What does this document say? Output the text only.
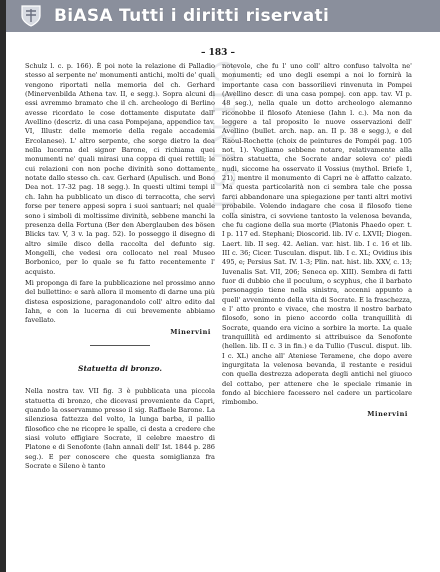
BiASA Tutti i diritti riservati
– 183 –

Schulz l. c. p. 166). È poi note la relazione di Palladio stesso al serpente ne' monumenti antichi, molti de' quali vengono riportati nella memoria del ch. Gerhard (Minervenbilda Athena tav. II, e segg.). Sopra alcuni di essi avremmo bramato che il ch. archeologo di Berlino avesse ricordato le cose dottamente disputate dall' Avellino (descriz. di una casa Pompejana, appendice tav. VI, Illustr. delle memorie della regale accademia Ercolanese). L' altro serpente, che sorge dietro la dea nella lucerna del signor Barone, ci richiama quei monumenti ne' quali mirasi una coppa di quei rettili; le cui relazioni con non poche divinità sono dottamente notate dallo stesso ch. cav. Gerhard (Apulisch. und Bono Dea not. 17-32 pag. 18 segg.). In questi ultimi tempi il ch. Iahn ha pubblicato un disco di terracotta, che servì forse per tenere appesi sopra i suoi santuari; nel quale sono i simboli di moltissime divinità, sebbene manchi la presenza della Fortuna (Ber den Aberglauben des bösen Blicks tav. V, 3 v. la pag. 52). Io posseggo il disegno di altro simile disco della raccolta del defunto sig. Mongelli, che vedesi ora collocato nel real Museo Borbonico, per lo quale se fu fatto recentemente l' acquisto.

Mi proponga di fare la pubblicazione nel prossimo anno del bullettino: e sarà allora il momento di darne una più distesa esposizione, paragonandolo coll' altro edito dal Iahn, e con la lucerna di cui brevemente abbiamo favellato.

Minervini
Statuetta di bronzo.

Nella nostra tav. VII fig. 3 è pubblicata una piccola statuetta di bronzo, che dicevasi proveniente da Capri, quando la osservammo presso il sig. Raffaele Barone. La silenziosa fattezza del volto, la lunga barba, il pallio filosofico che ne ricopre le spalle, ci desta a credere che siasi voluto effigiare Socrate, il celebre maestro di Platone e di Senofonte (Iahn annali dell' Ist. 1844 p. 286 seg.). E per conoscere che questa somiglianza fra Socrate e Sileno è tanto

notevole, che fu l' uno coll' altro confuso talvolta ne' monumenti; ed uno degli esempi a noi lo fornirà la importante casa con bassorilievi rinvenuta in Pompei (Avellino descr. di una casa pompej. con app. tav. VI p. 48 seg.), nella quale un dotto archeologo alemanno riconobbe il filosofo Ateniese (Iahn l. c.). Ma non da leggere a tal proposito le nuove osservazioni dell' Avellino (bullet. arch. nap. an. II p. 38 e segg.), e del Raoul-Rochette (choix de peintures de Pompéi pag. 105 not. 1). Vogliamo sebbene notare, relativamente alla nostra statuetta, che Socrate andar soleva co' piedi nudi, siccome ha osservato il Vossius (mythol. Briefe 1, 21), mentre il monumento di Capri ne è affatto calzato. Ma questa particolarità non ci sembra tale che possa farci abbandonare una spiegazione per tanti altri motivi probabile. Volendo indagare che cosa il filosofo tiene colla sinistra, ci sovviene tantosto la velenosa bevanda, che fu cagione della sua morte (Platonis Phaedo oper. t. I p. 117 ed. Stephani; Dioscorid. lib. IV c. LXVII; Diogen. Laert. lib. II seg. 42. Aelian. var. hist. lib. I c. 16 et lib. III c. 36; Cicer. Tusculan. disput. lib. I c. XL; Ovidius ibis 495, e; Persius Sat. IV. 1-3; Plin. nat. hist. lib. XXV, c. 13; Iuvenalis Sat. VII, 206; Seneca ep. XIII). Sembra di fatti fuor di dubbio che il poculum, o scyphus, che il barbato personaggio tiene nella sinistra, accenni appunto a quell' avvenimento della vita di Socrate. E la fraschezza, e l' atto pronto e vivace, che mostra il nostro barbato filosofo, sono in pieno accordo colla tranquillità di Socrate, quando era vicino a sorbire la morte. La quale tranquillità ed ardimento si attribuisce da Senofonte (hellen. lib. II c. 3 in fin.) e da Tullio (Tuscul. disput. lib. I c. XL) anche all' Ateniese Teramene, che dopo avere ingurgitata la velenosa bevanda, il restante e residui con quella destrezza adoperata degli antichi nel giuoco del cottabo, per attenere che le speciale rimanie in fondo al bicchiere facessero nel cadere un particolare rimbombo.

Minervini
CHRIST
